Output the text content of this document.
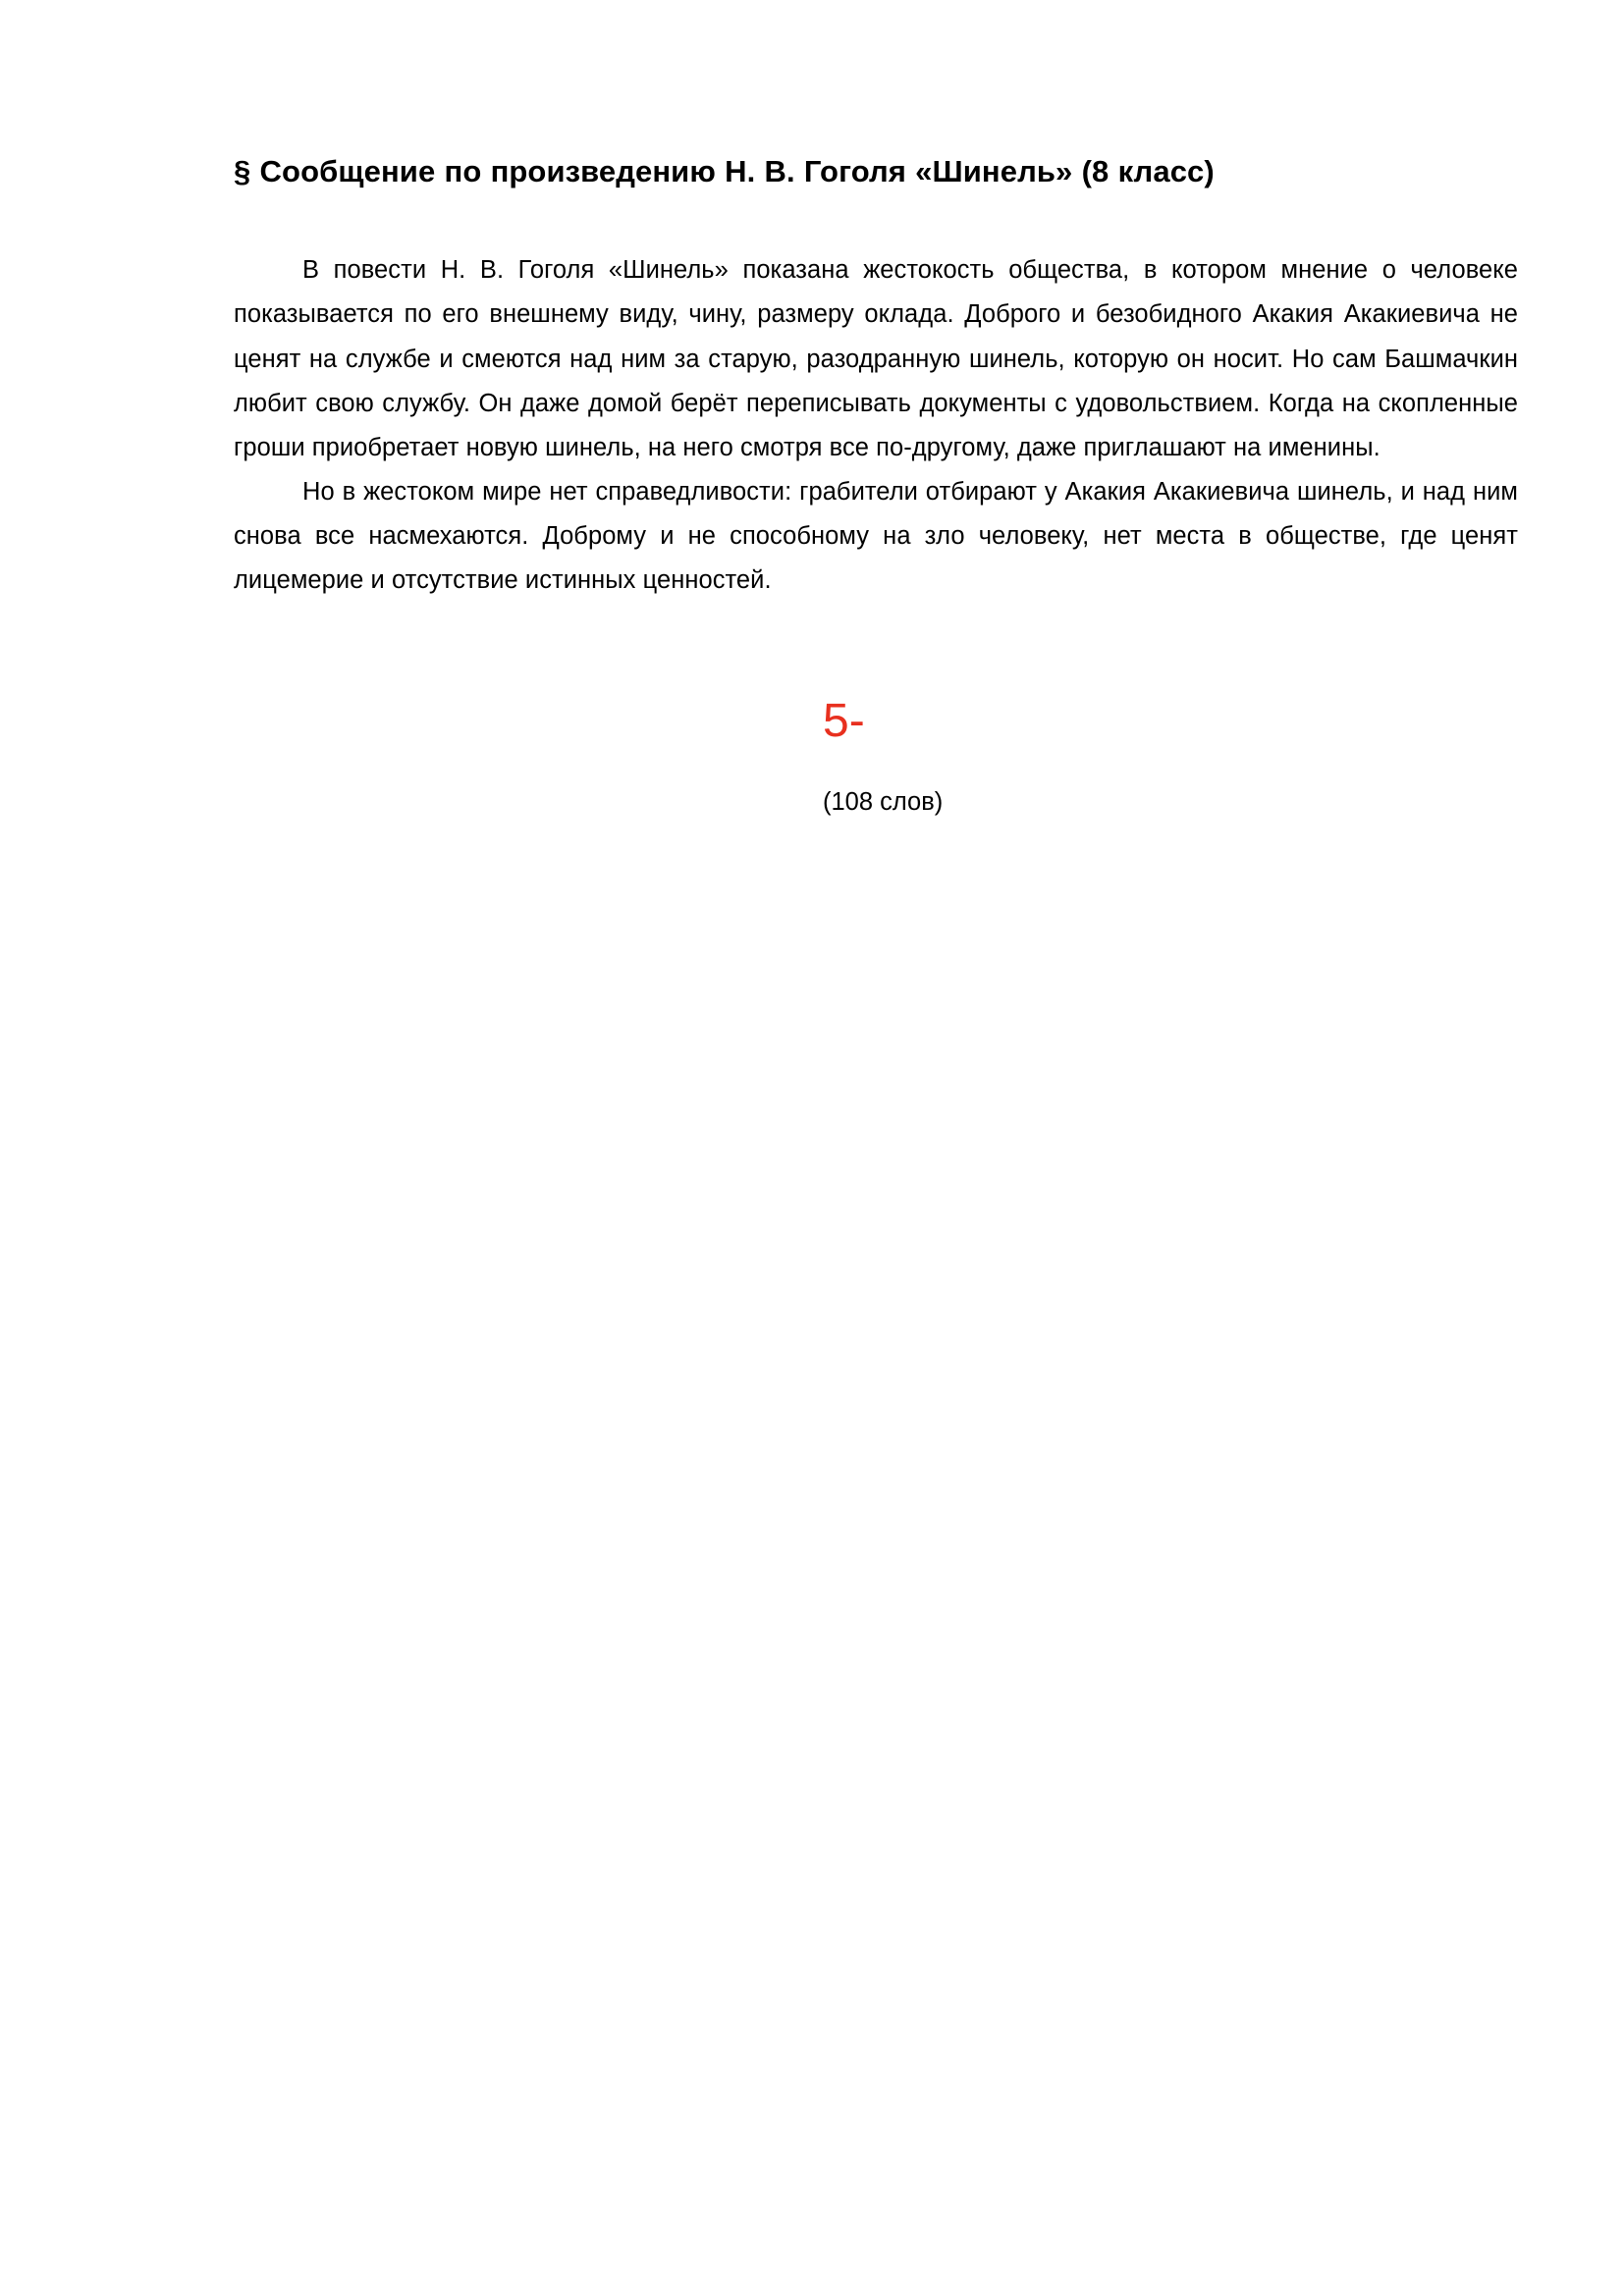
§ Сообщение по произведению Н. В. Гоголя «Шинель» (8 класс)

В повести Н. В. Гоголя «Шинель» показана жестокость общества, в котором мнение о человеке показывается по его внешнему виду, чину, размеру оклада. Доброго и безобидного Акакия Акакиевича не ценят на службе и смеются над ним за старую, разодранную шинель, которую он носит. Но сам Башмачкин любит свою службу. Он даже домой берёт переписывать документы с удовольствием. Когда на скопленные гроши приобретает новую шинель, на него смотря все по-другому, даже приглашают на именины.

Но в жестоком мире нет справедливости: грабители отбирают у Акакия Акакиевича шинель, и над ним снова все насмехаются. Доброму и не способному на зло человеку, нет места в обществе, где ценят лицемерие и отсутствие истинных ценностей.

5-
(108 слов)
